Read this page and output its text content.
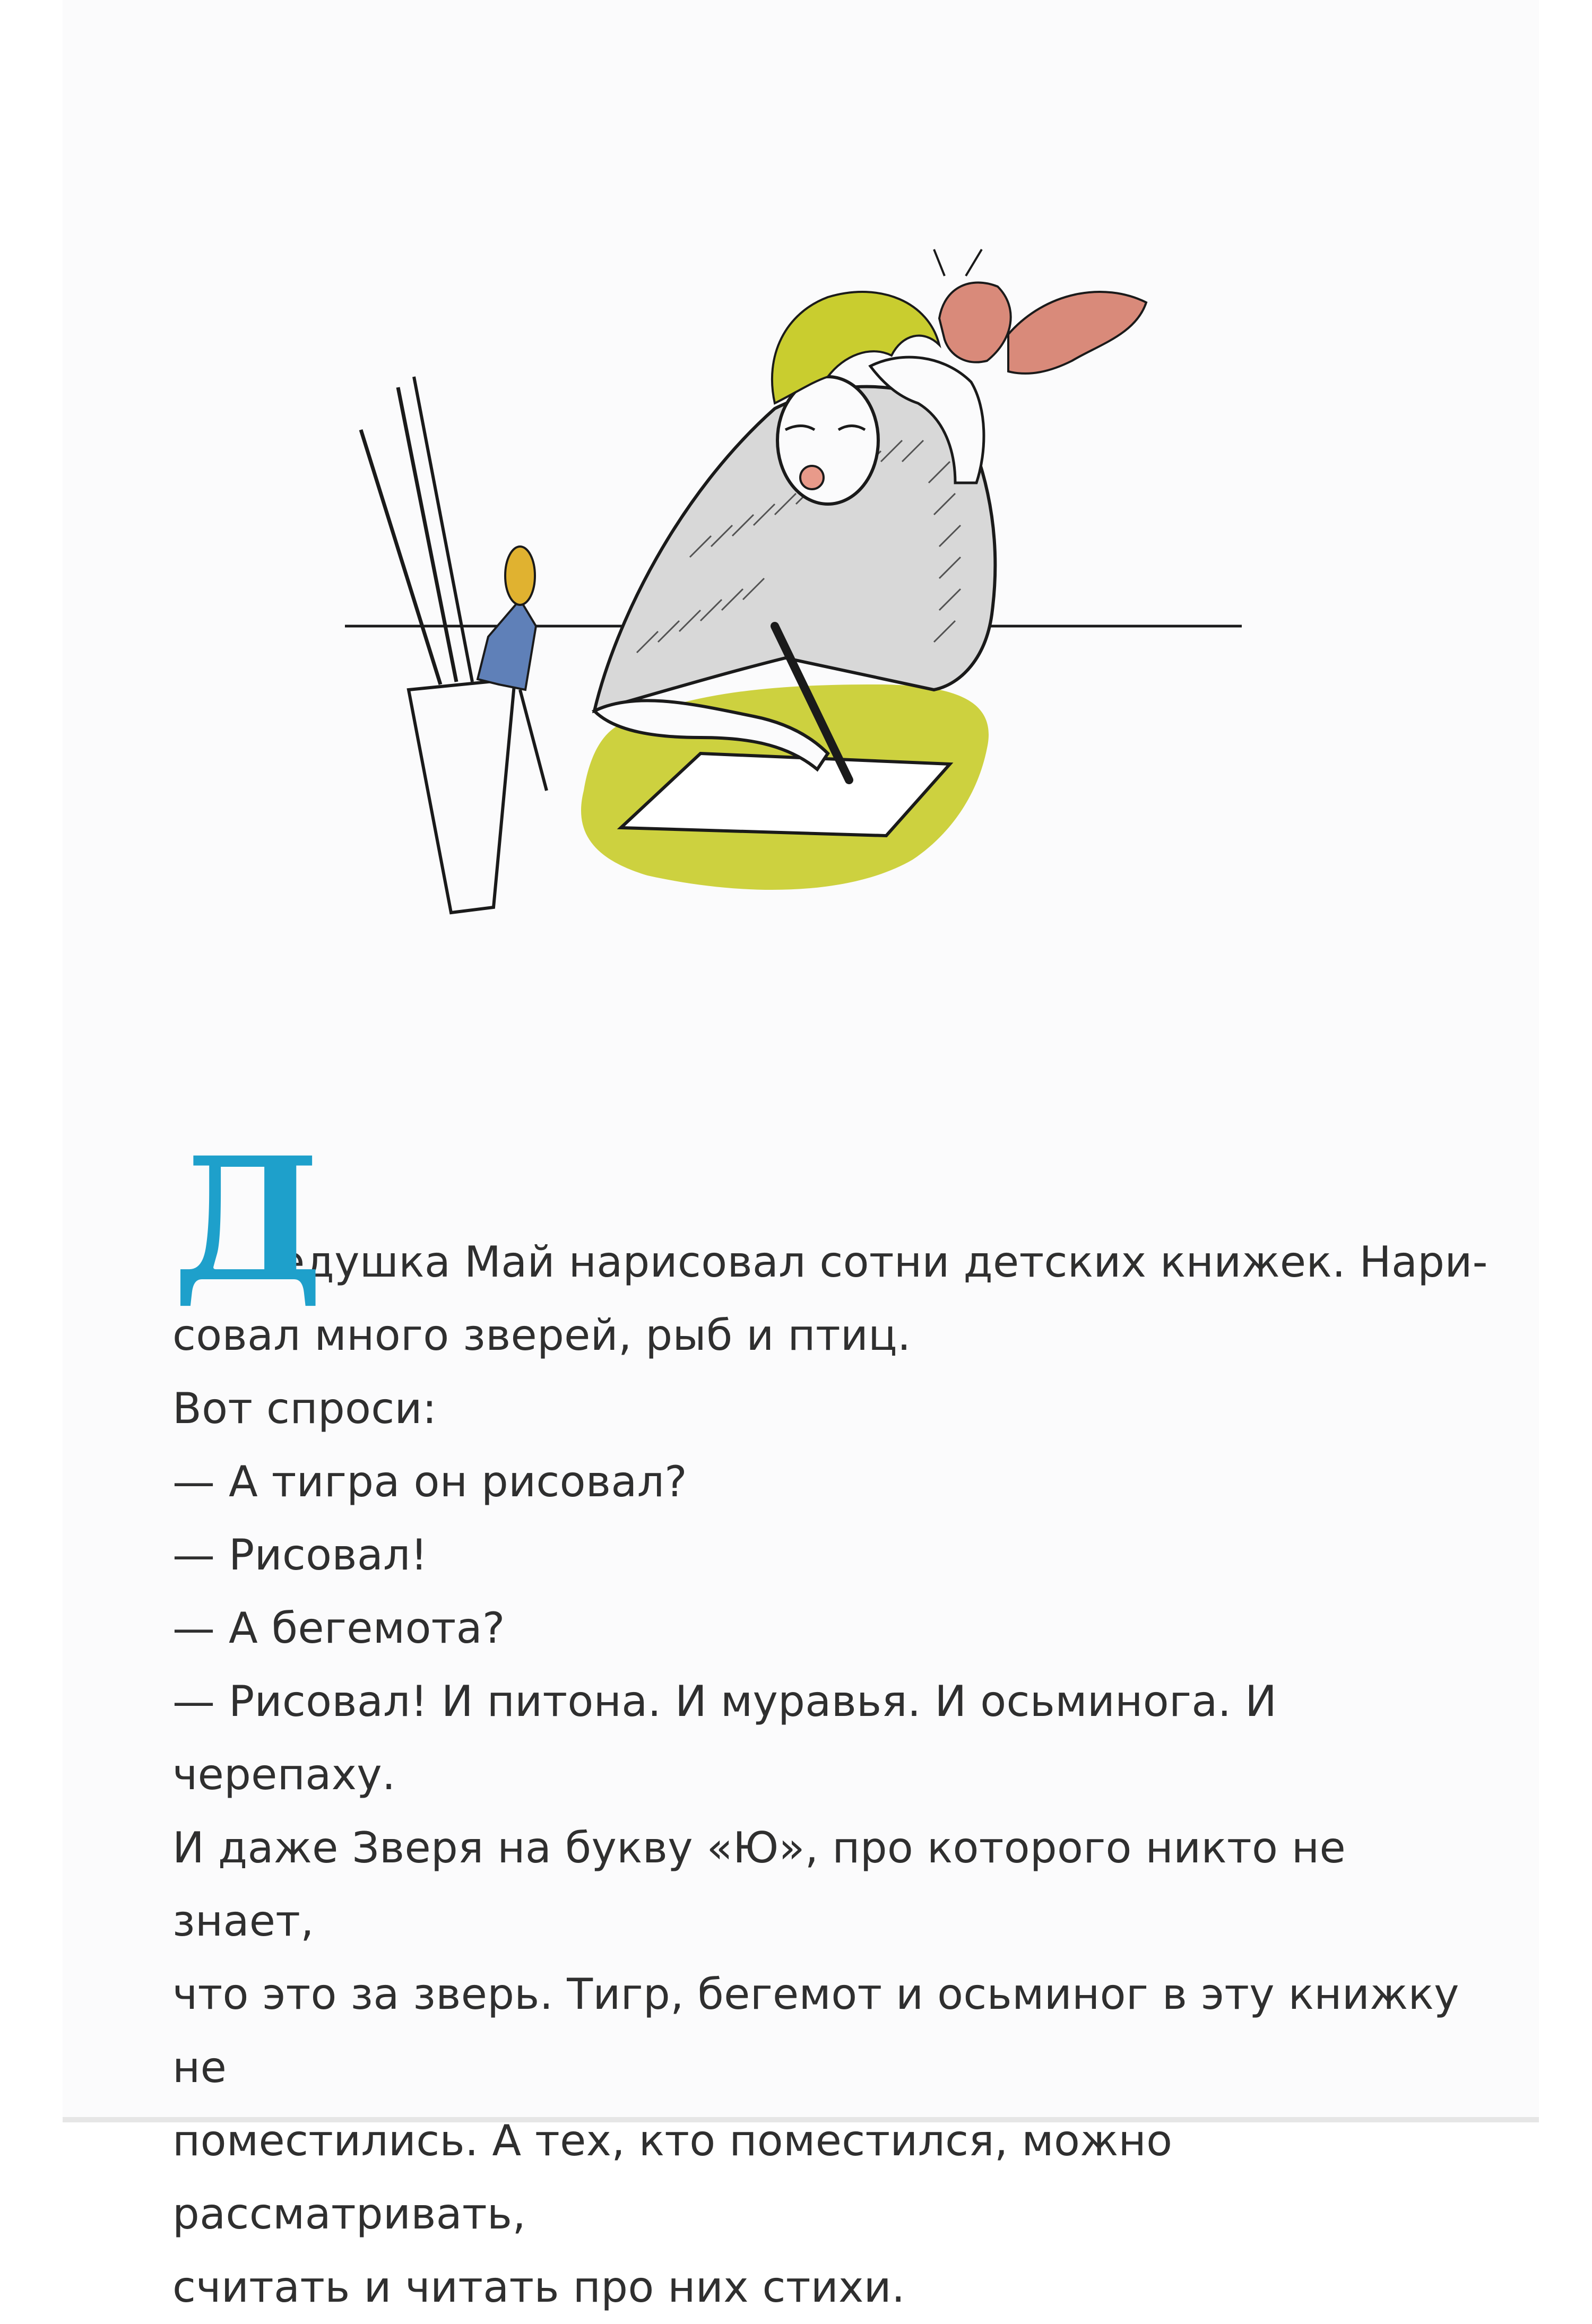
Д
едушка Май нарисовал сотни детских книжек. Нари-

совал много зверей, рыб и птиц.

Вот спроси:

— А тигра он рисовал?

— Рисовал!

— А бегемота?

— Рисовал! И питона. И муравья. И осьминога. И черепаху.

И даже Зверя на букву «Ю», про которого никто не знает,

что это за зверь. Тигр, бегемот и осьминог в эту книжку не

поместились. А тех, кто поместился, можно рассматривать,

считать и читать про них стихи.
